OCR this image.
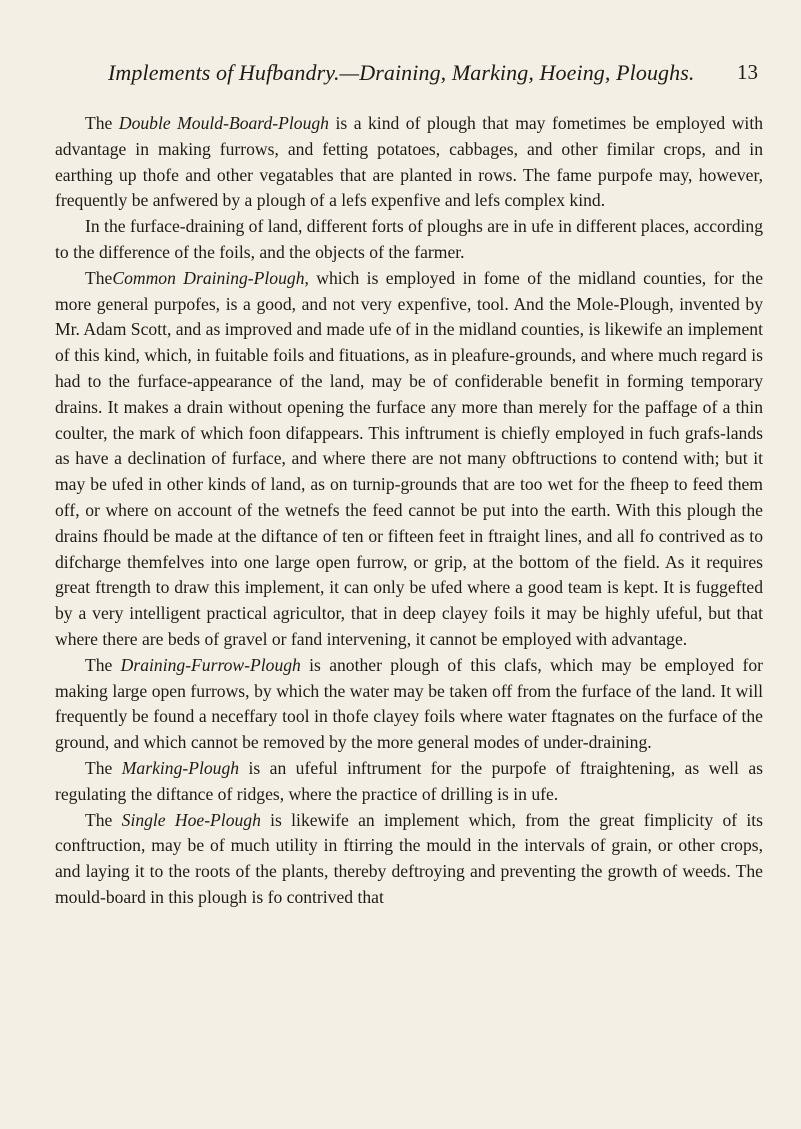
Implements of Hufbandry.—Draining, Marking, Hoeing, Ploughs. 13

The Double Mould-Board-Plough is a kind of plough that may fometimes be employed with advantage in making furrows, and fetting potatoes, cabbages, and other fimilar crops, and in earthing up thofe and other vegatables that are planted in rows. The fame purpofe may, however, frequently be anfwered by a plough of a lefs expenfive and lefs complex kind.

In the furface-draining of land, different forts of ploughs are in ufe in different places, according to the difference of the foils, and the objects of the farmer.

TheCommon Draining-Plough, which is employed in fome of the midland counties, for the more general purpofes, is a good, and not very expenfive, tool. And the Mole-Plough, invented by Mr. Adam Scott, and as improved and made ufe of in the midland counties, is likewife an implement of this kind, which, in fuitable foils and fituations, as in pleafure-grounds, and where much regard is had to the furface-appearance of the land, may be of confiderable benefit in forming temporary drains. It makes a drain without opening the furface any more than merely for the paffage of a thin coulter, the mark of which foon difappears. This inftrument is chiefly employed in fuch grafs-lands as have a declination of furface, and where there are not many obftructions to contend with; but it may be ufed in other kinds of land, as on turnip-grounds that are too wet for the fheep to feed them off, or where on account of the wetnefs the feed cannot be put into the earth. With this plough the drains fhould be made at the diftance of ten or fifteen feet in ftraight lines, and all fo contrived as to difcharge themfelves into one large open furrow, or grip, at the bottom of the field. As it requires great ftrength to draw this implement, it can only be ufed where a good team is kept. It is fuggefted by a very intelligent practical agricultor, that in deep clayey foils it may be highly ufeful, but that where there are beds of gravel or fand intervening, it cannot be employed with advantage.

The Draining-Furrow-Plough is another plough of this clafs, which may be employed for making large open furrows, by which the water may be taken off from the furface of the land. It will frequently be found a neceffary tool in thofe clayey foils where water ftagnates on the furface of the ground, and which cannot be removed by the more general modes of under-draining.

The Marking-Plough is an ufeful inftrument for the purpofe of ftraightening, as well as regulating the diftance of ridges, where the practice of drilling is in ufe.

The Single Hoe-Plough is likewife an implement which, from the great fimplicity of its conftruction, may be of much utility in ftirring the mould in the intervals of grain, or other crops, and laying it to the roots of the plants, thereby deftroying and preventing the growth of weeds. The mould-board in this plough is fo contrived that
